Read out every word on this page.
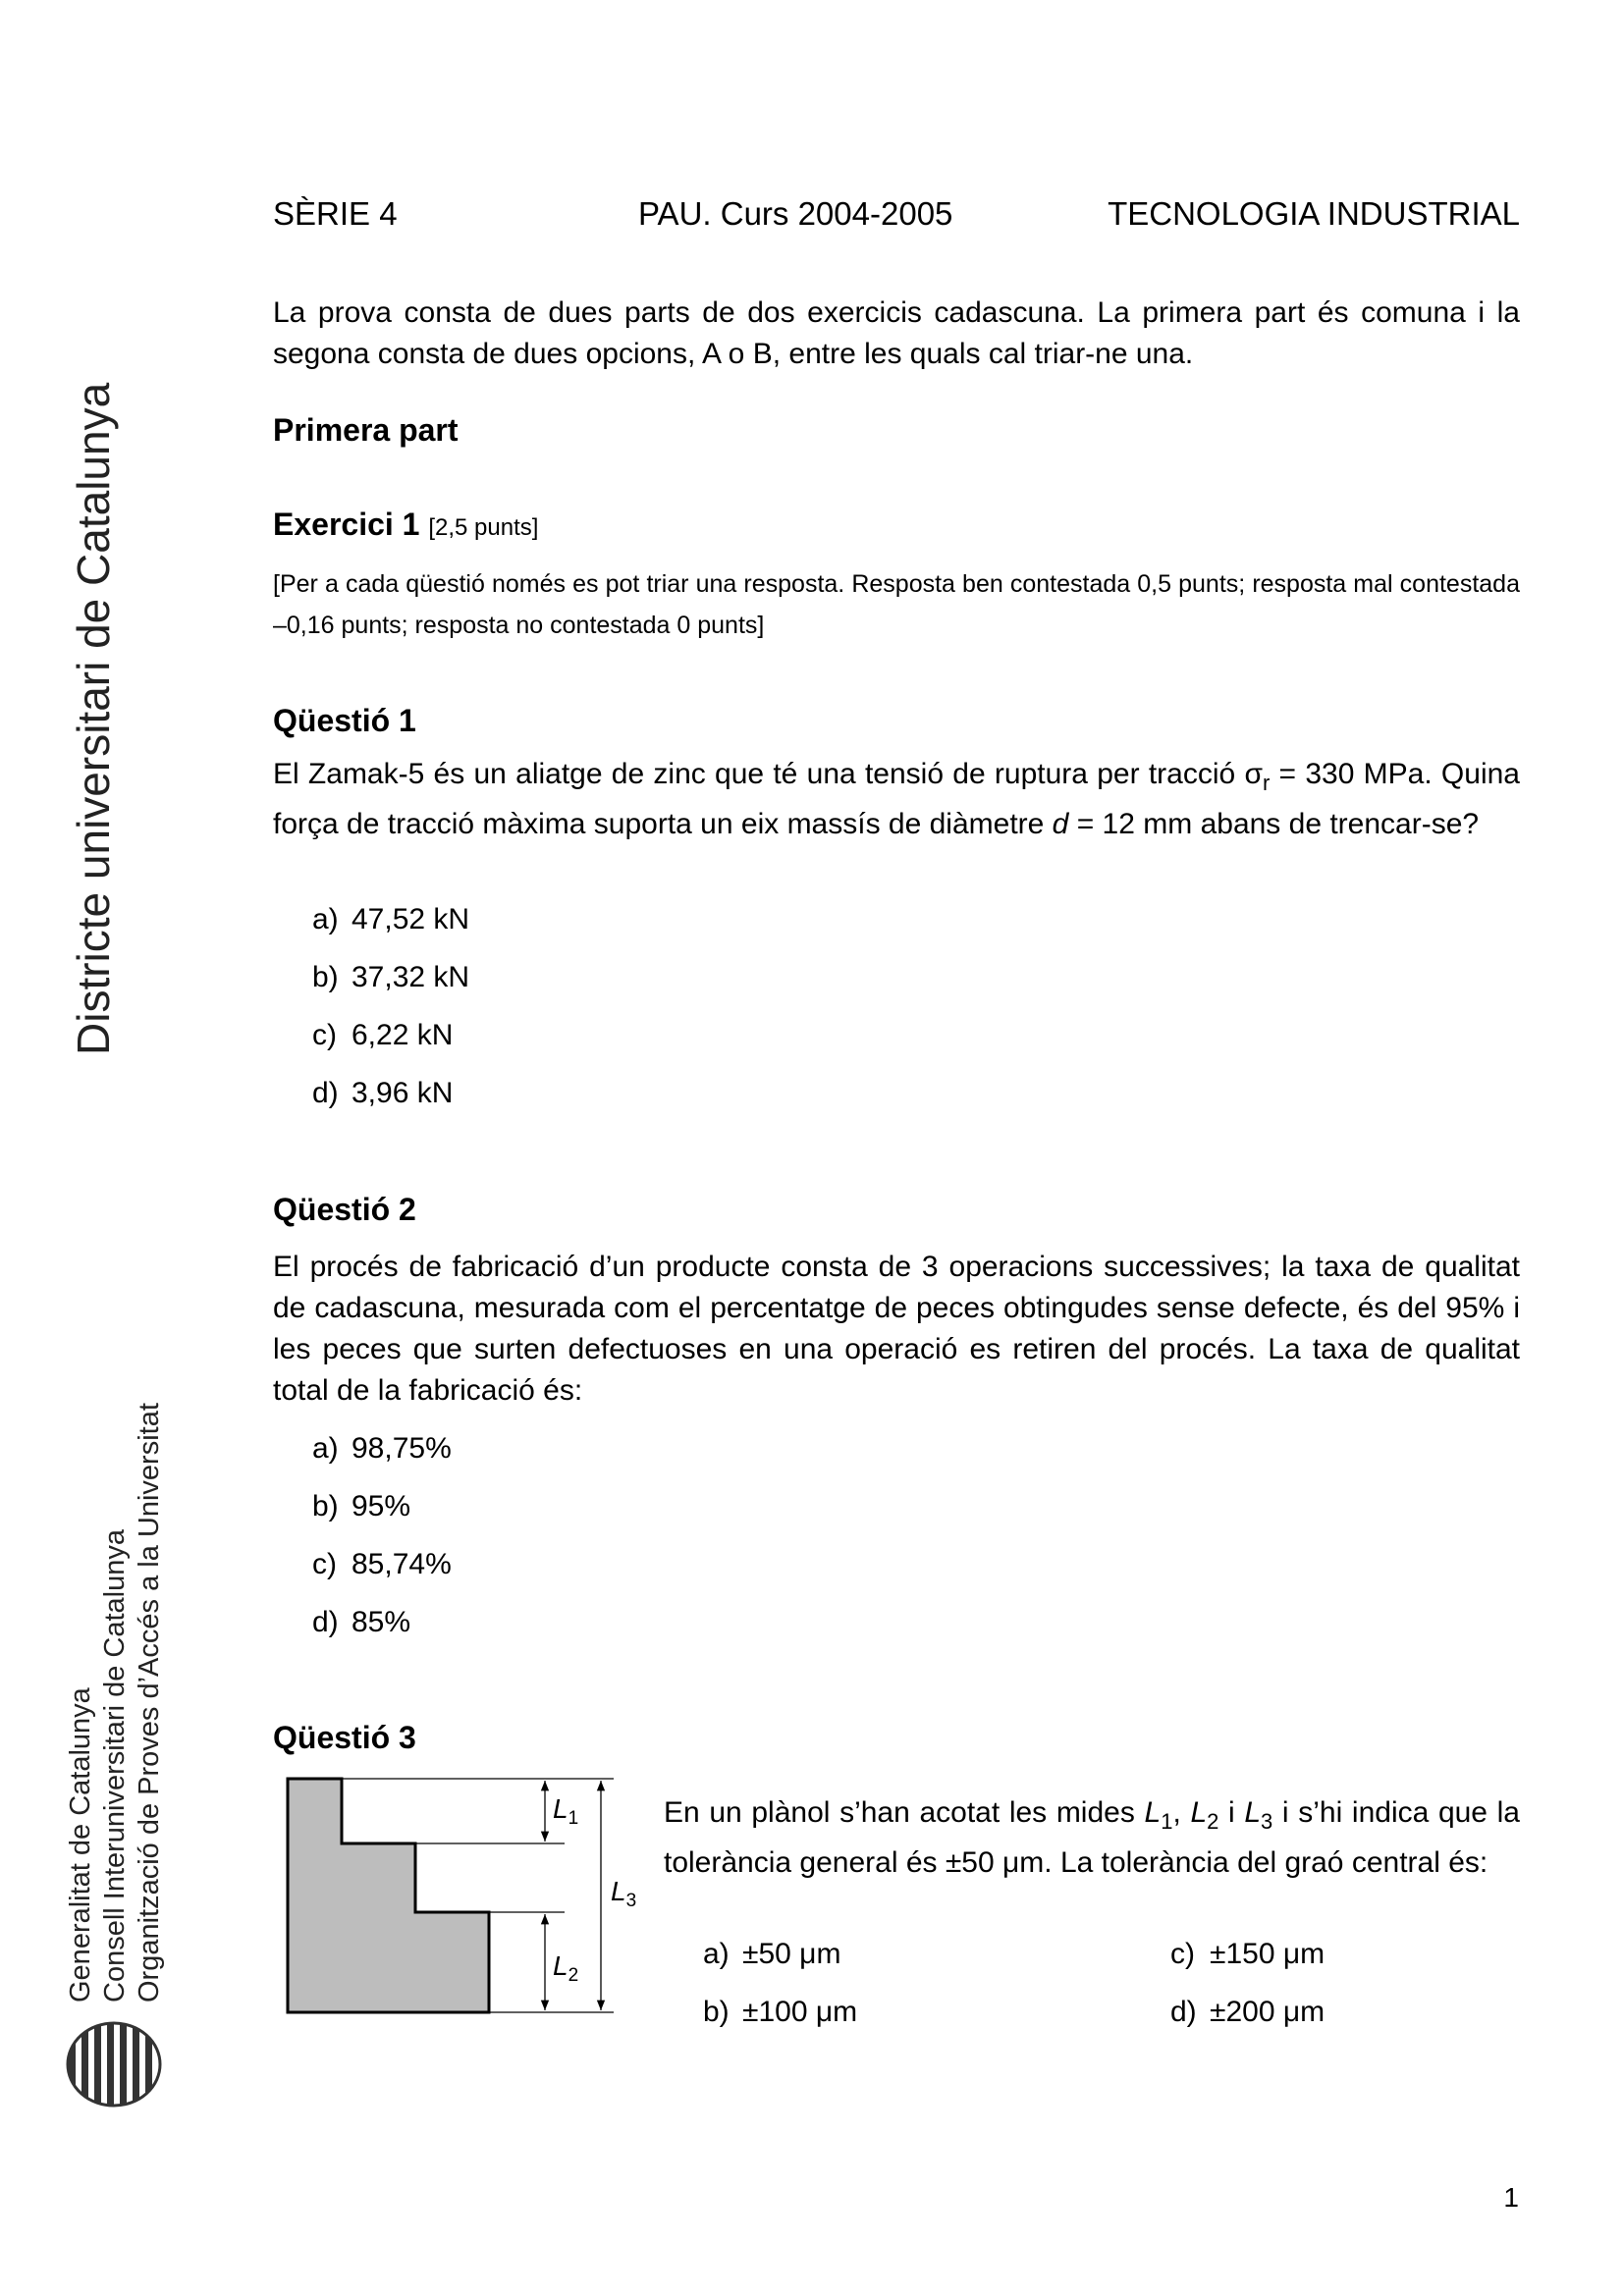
SÈRIE 4	PAU. Curs 2004-2005	TECNOLOGIA INDUSTRIAL
Districte universitari de Catalunya
Generalitat de Catalunya Consell Interuniversitari de Catalunya Organització de Proves d’Accés a la Universitat

La prova consta de dues parts de dos exercicis cadascuna. La primera part és comuna i la segona consta de dues opcions, A o B, entre les quals cal triar-ne una.

Primera part
Exercici 1 [2,5 punts]

[Per a cada qüestió només es pot triar una resposta. Resposta ben contestada 0,5 punts; resposta mal contestada –0,16 punts; resposta no contestada 0 punts]

Qüestió 1

El Zamak-5 és un aliatge de zinc que té una tensió de ruptura per tracció $\sigma_r = 330$ MPa. Quina força de tracció màxima suporta un eix massís de diàmetre d = 12 mm abans de trencar-se?

a) 47,52 kN
b) 37,32 kN
c) 6,22 kN
d) 3,96 kN
Qüestió 2

El procés de fabricació d’un producte consta de 3 operacions successives; la taxa de qualitat de cadascuna, mesurada com el percentatge de peces obtingudes sense defecte, és del 95% i les peces que surten defectuoses en una operació es retiren del procés. La taxa de qualitat total de la fabricació és:

a) 98,75%
b) 95%
c) 85,74%
d) 85%
Qüestió 3
$L_1$
$L_2$
$L_3$

En un plànol s’han acotat les mides $L_1$, $L_2$ i $L_3$ i s’hi indica que la tolerància general és ±50 μm. La tolerància del graó central és:

a) ±50 μm
b) ±100 μm
c) ±150 μm
d) ±200 μm
1
